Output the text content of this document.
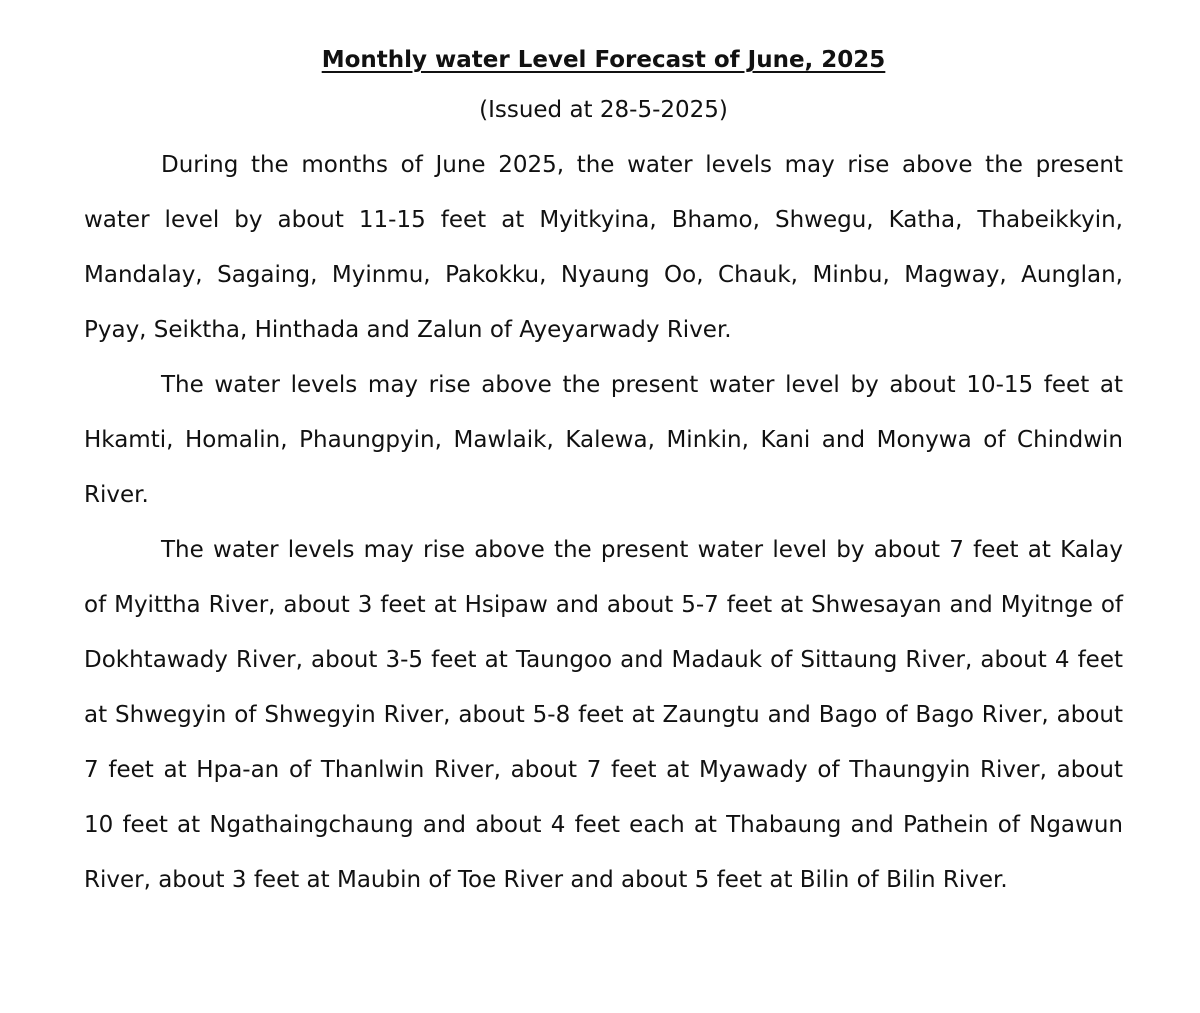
Monthly water Level Forecast of June, 2025

(Issued at 28-5-2025)

During the months of June 2025, the water levels may rise above the present water level by about 11-15 feet at Myitkyina, Bhamo, Shwegu, Katha, Thabeikkyin, Mandalay, Sagaing, Myinmu, Pakokku, Nyaung Oo, Chauk, Minbu, Magway, Aunglan, Pyay, Seiktha, Hinthada and Zalun of Ayeyarwady River.

The water levels may rise above the present water level by about 10-15 feet at Hkamti, Homalin, Phaungpyin, Mawlaik, Kalewa, Minkin, Kani and Monywa of Chindwin River.

The water levels may rise above the present water level by about 7 feet at Kalay of Myittha River, about 3 feet at Hsipaw and about 5-7 feet at Shwesayan and Myitnge of Dokhtawady River, about 3-5 feet at Taungoo and Madauk of Sittaung River, about 4 feet at Shwegyin of Shwegyin River, about 5-8 feet at Zaungtu and Bago of Bago River, about 7 feet at Hpa-an of Thanlwin River, about 7 feet at Myawady of Thaungyin River, about 10 feet at Ngathaingchaung and about 4 feet each at Thabaung and Pathein of Ngawun River, about 3 feet at Maubin of Toe River and about 5 feet at Bilin of Bilin River.
